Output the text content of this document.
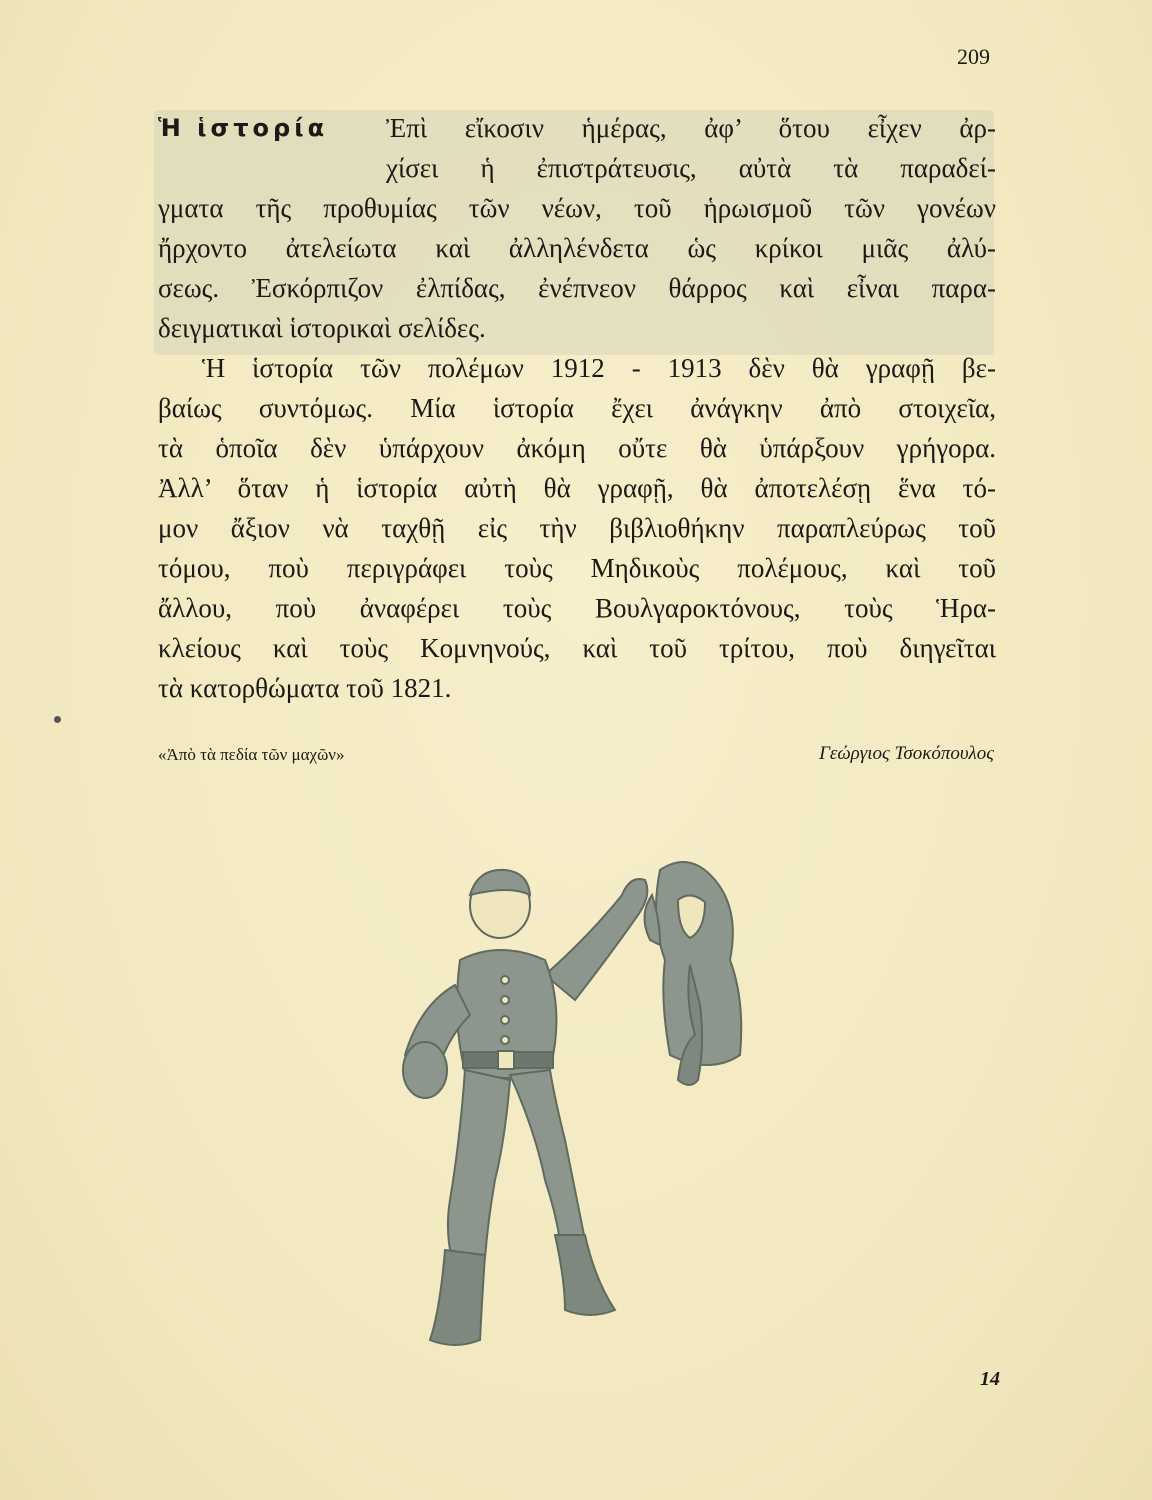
209
Ἡ ἱστορία	Ἐπὶ εἴκοσιν ἡμέρας, ἀφ’ ὅτου εἶχεν ἀρ-
χίσει ἡ ἐπιστράτευσις, αὐτὰ τὰ παραδεί-
γματα τῆς προθυμίας τῶν νέων, τοῦ ἡρωισμοῦ τῶν γονέων
ἤρχοντο ἀτελείωτα καὶ ἀλληλένδετα ὡς κρίκοι μιᾶς ἀλύ-
σεως. Ἐσκόρπιζον ἐλπίδας, ἐνέπνεον θάρρος καὶ εἶναι παρα-
δειγματικαὶ ἱστορικαὶ σελίδες.
Ἡ ἱστορία τῶν πολέμων 1912 - 1913 δὲν θὰ γραφῇ βε-
βαίως συντόμως. Μία ἱστορία ἔχει ἀνάγκην ἀπὸ στοιχεῖα,
τὰ ὁποῖα δὲν ὑπάρχουν ἀκόμη οὔτε θὰ ὑπάρξουν γρήγορα.
Ἀλλ’ ὅταν ἡ ἱστορία αὐτὴ θὰ γραφῇ, θὰ ἀποτελέσῃ ἕνα τό-
μον ἄξιον νὰ ταχθῇ εἰς τὴν βιβλιοθήκην παραπλεύρως τοῦ
τόμου, ποὺ περιγράφει τοὺς Μηδικοὺς πολέμους, καὶ τοῦ
ἄλλου, ποὺ ἀναφέρει τοὺς Βουλγαροκτόνους, τοὺς Ἡρα-
κλείους καὶ τοὺς Κομνηνούς, καὶ τοῦ τρίτου, ποὺ διηγεῖται
τὰ κατορθώματα τοῦ 1821.
«Ἀπὸ τὰ πεδία τῶν μαχῶν»	Γεώργιος Τσοκόπουλος
14
